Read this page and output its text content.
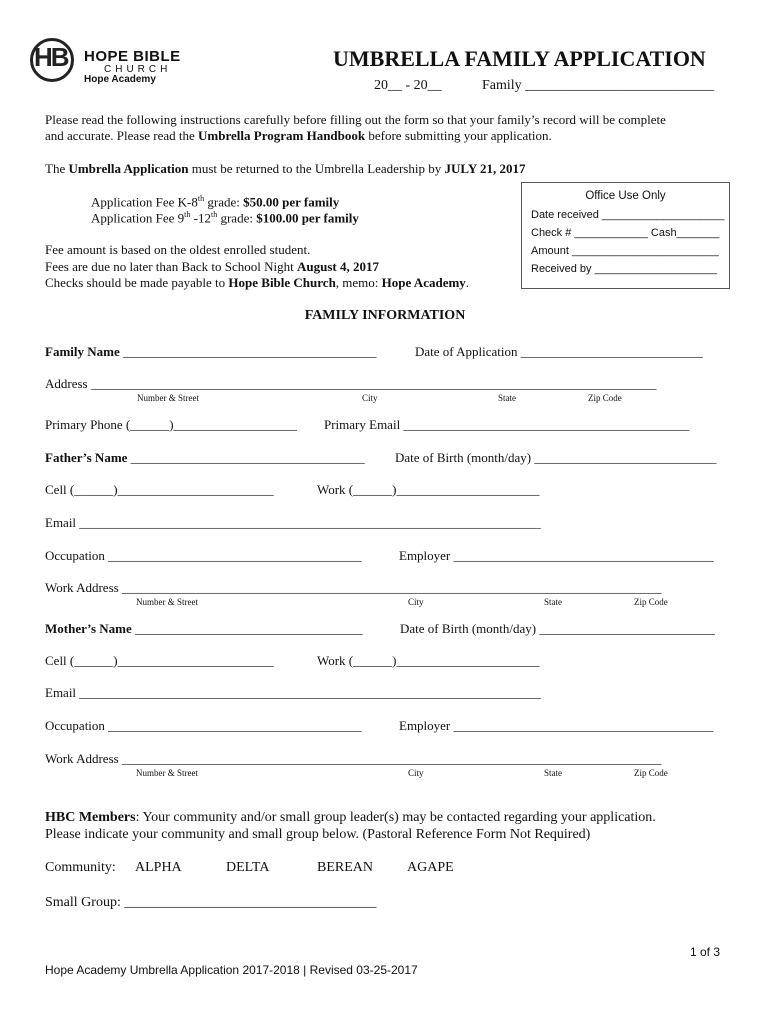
HB HOPE BIBLE
CHURCH
Hope Academy
UMBRELLA FAMILY APPLICATION
20__ - 20__	Family ___________________________
Please read the following instructions carefully before filling out the form so that your family’s record will be complete
and accurate. Please read the Umbrella Program Handbook before submitting your application.
The Umbrella Application must be returned to the Umbrella Leadership by JULY 21, 2017
Application Fee K-8th grade: $50.00 per family
Application Fee 9th -12th grade: $100.00 per family
Fee amount is based on the oldest enrolled student.
Fees are due no later than Back to School Night August 4, 2017
Checks should be made payable to Hope Bible Church, memo: Hope Academy.
Office Use Only
Date received ____________________
Check # ____________ Cash_______
Amount ________________________
Received by ____________________
FAMILY INFORMATION
Family Name _______________________________________	Date of Application ____________________________
Address _______________________________________________________________________________________
Number & Street	City	State	Zip Code
Primary Phone (______)___________________ Primary Email ____________________________________________
Father’s Name ____________________________________ Date of Birth (month/day) ____________________________
Cell (______)________________________	Work (______)______________________
Email _______________________________________________________________________
Occupation _______________________________________	Employer ________________________________________
Work Address ___________________________________________________________________________________
Number & Street	City	State	Zip Code
Mother’s Name ___________________________________	Date of Birth (month/day) ___________________________
Cell (______)________________________	Work (______)______________________
Email _______________________________________________________________________
Occupation _______________________________________	Employer ________________________________________
Work Address ___________________________________________________________________________________
Number & Street	City	State	Zip Code
HBC Members: Your community and/or small group leader(s) may be contacted regarding your application.
Please indicate your community and small group below. (Pastoral Reference Form Not Required)
Community: ALPHA	DELTA	BEREAN AGAPE
Small Group: ____________________________________
1 of 3
Hope Academy Umbrella Application 2017-2018 | Revised 03-25-2017
